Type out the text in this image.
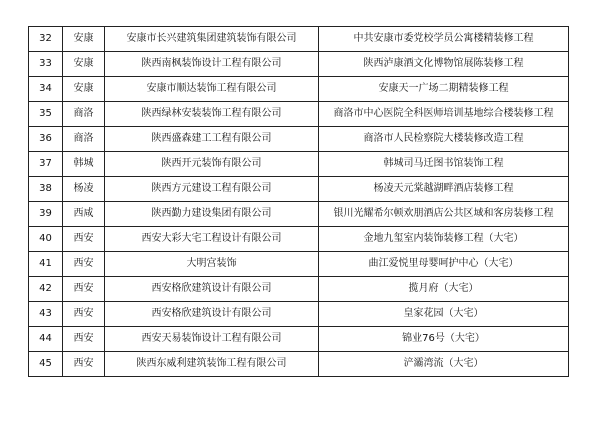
32	安康	安康市长兴建筑集团建筑装饰有限公司	中共安康市委党校学员公寓楼精装修工程
33	安康	陕西南枫装饰设计工程有限公司	陕西泸康酒文化博物馆展陈装修工程
34	安康	安康市顺达装饰工程有限公司	安康天一广场二期精装修工程
35	商洛	陕西绿林安装装饰工程有限公司	商洛市中心医院全科医师培训基地综合楼装修工程
36	商洛	陕西盛森建工工程有限公司	商洛市人民检察院大楼装修改造工程
37	韩城	陕西开元装饰有限公司	韩城司马迁图书馆装饰工程
38	杨凌	陕西方元建设工程有限公司	杨凌天元棠越湖畔酒店装修工程
39	西咸	陕西勤力建设集团有限公司	银川光耀希尔顿欢朋酒店公共区域和客房装修工程
40	西安	西安大彩大宅工程设计有限公司	金地九玺室内装饰装修工程（大宅）
41	西安	大明宫装饰	曲江爱悦里母婴呵护中心（大宅）
42	西安	西安格欣建筑设计有限公司	揽月府（大宅）
43	西安	西安格欣建筑设计有限公司	皇家花园（大宅）
44	西安	西安天易装饰设计工程有限公司	锦业76号（大宅）
45	西安	陕西东威利建筑装饰工程有限公司	浐灞湾流（大宅）
